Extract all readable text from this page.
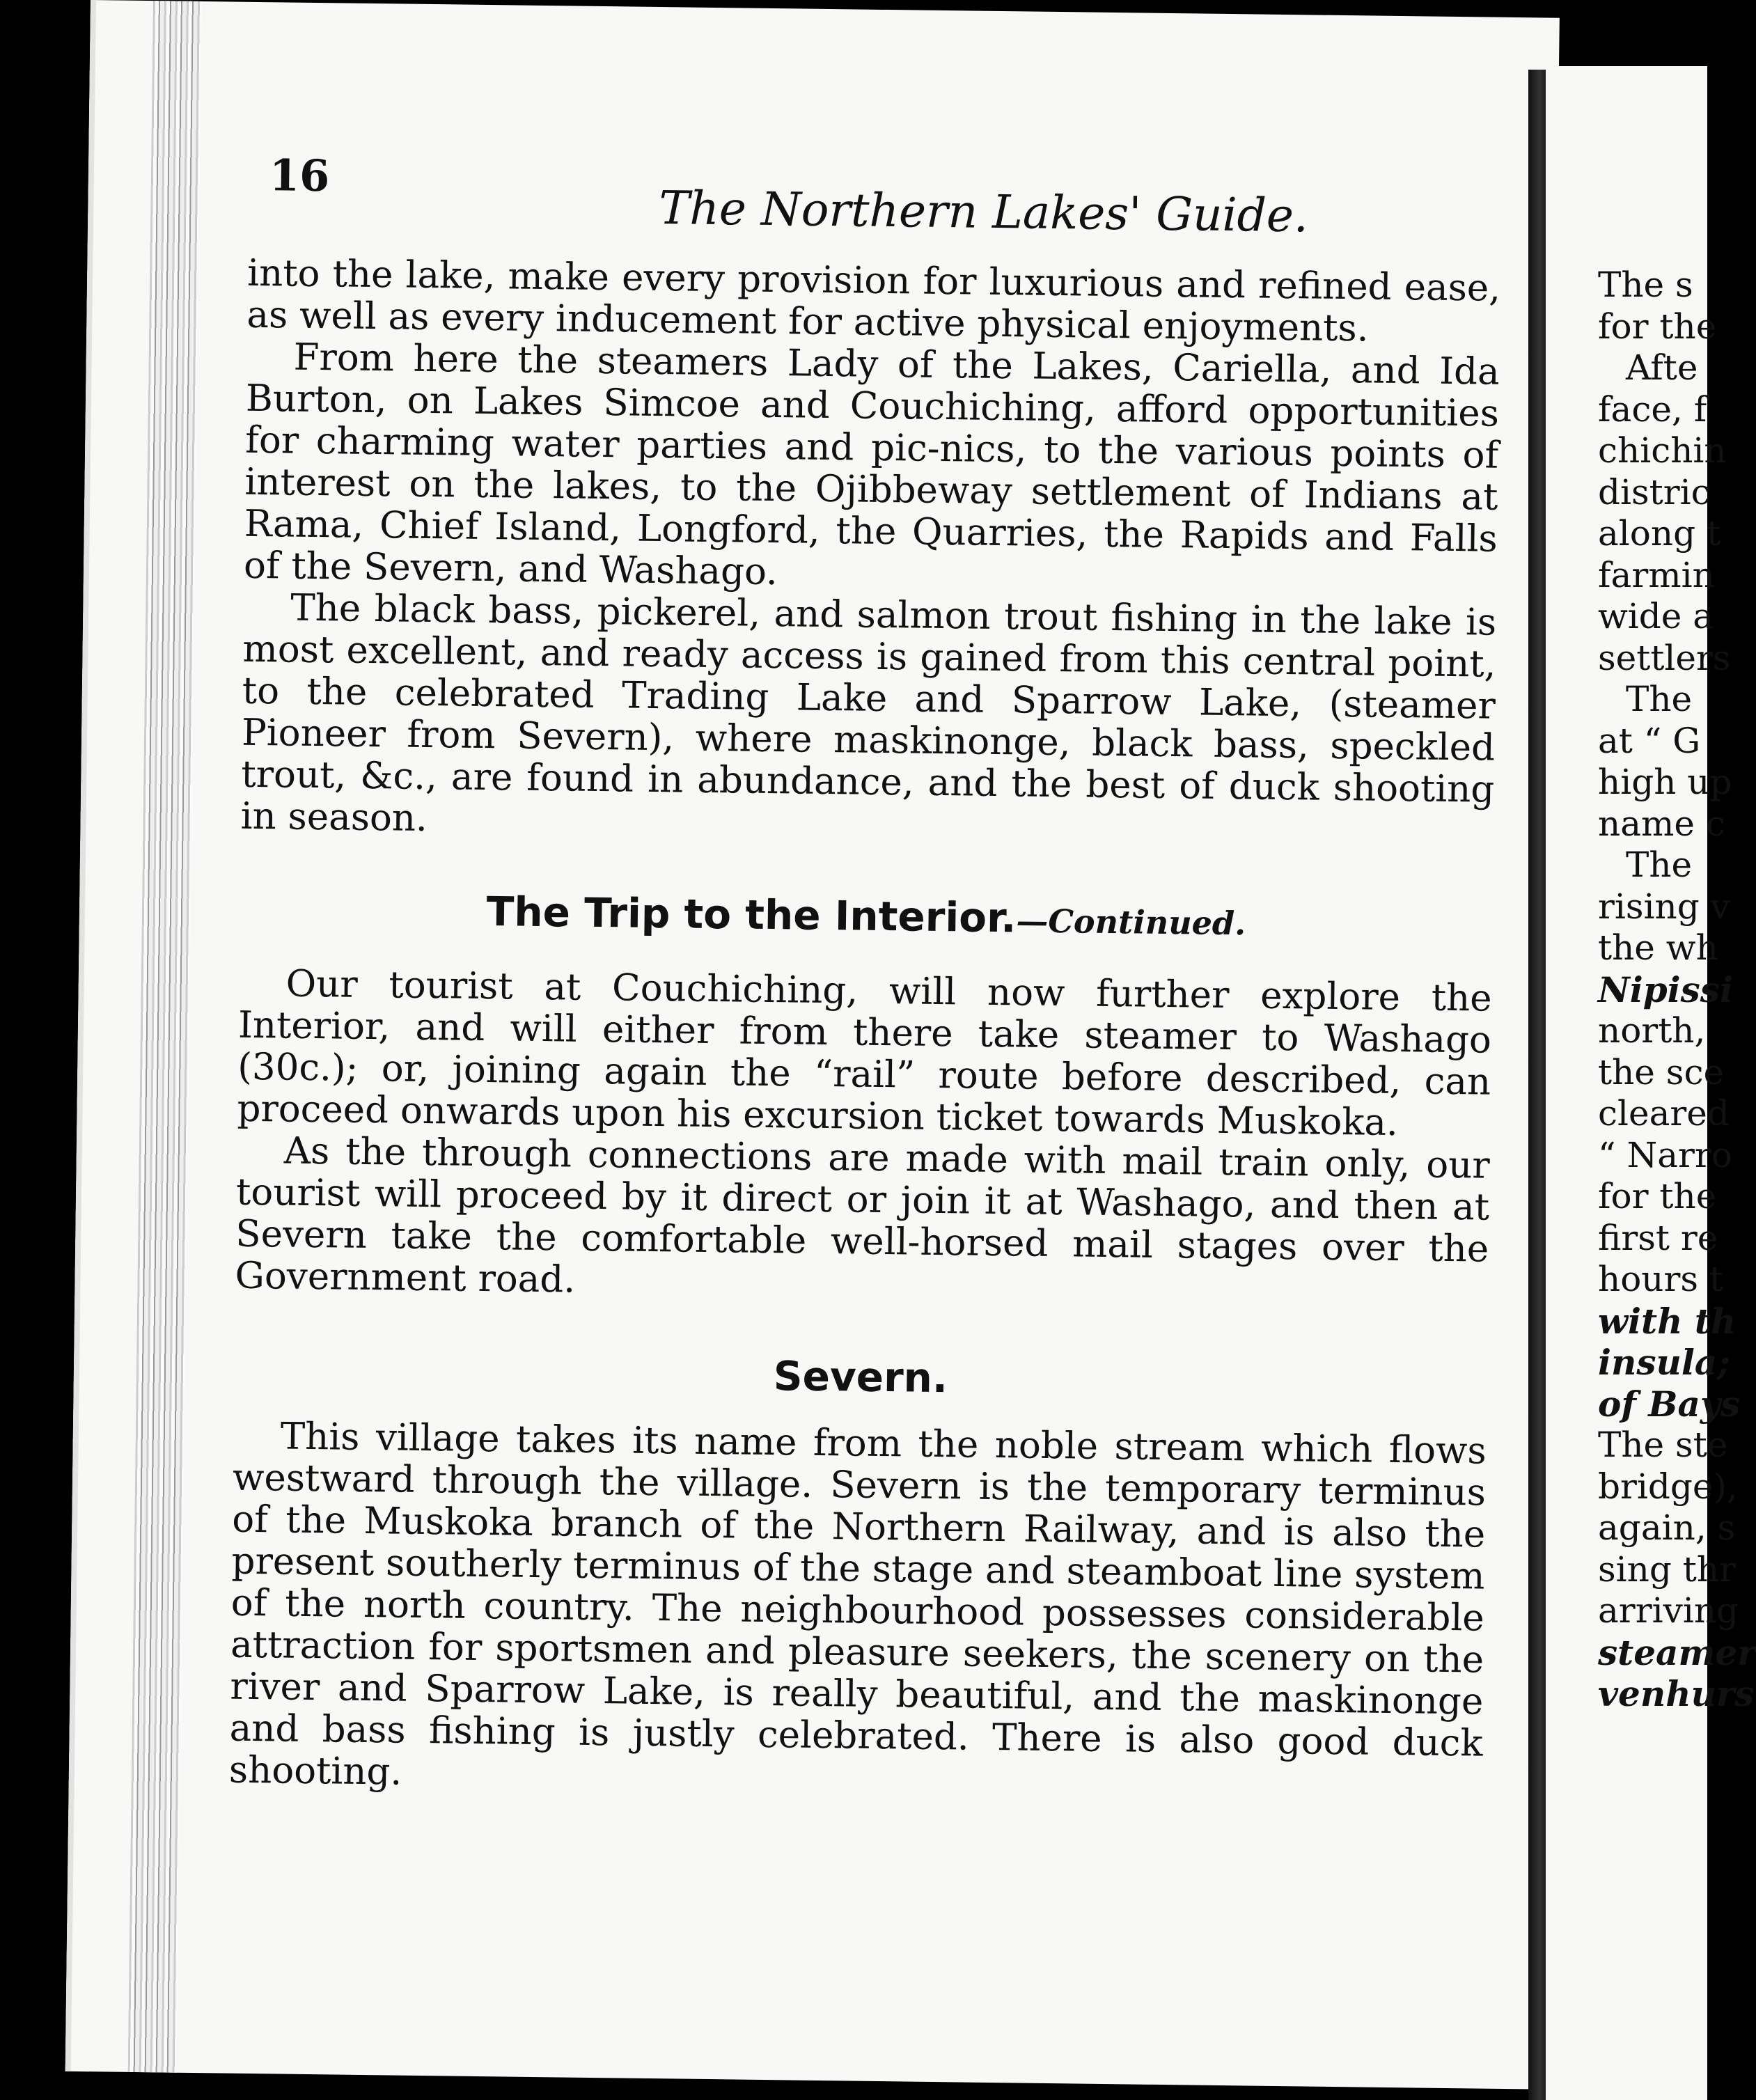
16
The Northern Lakes' Guide.

into the lake, make every provision for luxurious and refined ease, as well as every inducement for active physical enjoyments.

From here the steamers Lady of the Lakes, Cariella, and Ida Burton, on Lakes Simcoe and Couchiching, afford opportunities for charming water parties and pic-nics, to the various points of interest on the lakes, to the Ojibbeway settlement of Indians at Rama, Chief Island, Longford, the Quarries, the Rapids and Falls of the Severn, and Washago.

The black bass, pickerel, and salmon trout fishing in the lake is most excellent, and ready access is gained from this central point, to the celebrated Trading Lake and Sparrow Lake, (steamer Pioneer from Severn), where maskinonge, black bass, speckled trout, &c., are found in abundance, and the best of duck shooting in season.

The Trip to the Interior.—Continued.

Our tourist at Couchiching, will now further explore the Interior, and will either from there take steamer to Washago (30c.); or, joining again the “rail” route before described, can proceed onwards upon his excursion ticket towards Muskoka.

As the through connections are made with mail train only, our tourist will proceed by it direct or join it at Washago, and then at Severn take the comfortable well-horsed mail stages over the Government road.

Severn.

This village takes its name from the noble stream which flows westward through the village. Severn is the temporary terminus of the Muskoka branch of the Northern Railway, and is also the present southerly terminus of the stage and steamboat line system of the north country. The neighbourhood possesses considerable attraction for sportsmen and pleasure seekers, the scenery on the river and Sparrow Lake, is really beautiful, and the maskinonge and bass fishing is justly celebrated. There is also good duck shooting.

The s
for the
Afte
face, f
chichin
distric
along t
farmin
wide a
settlers
The
at “ G
high up
name c
The
rising v
the wh
Nipissi
north,
the sce
cleared
“ Narro
for the
first re
hours t
with th
insula;
of Bays
The ste
bridge),
again, s
sing thr
arriving
steamer
venhurs
